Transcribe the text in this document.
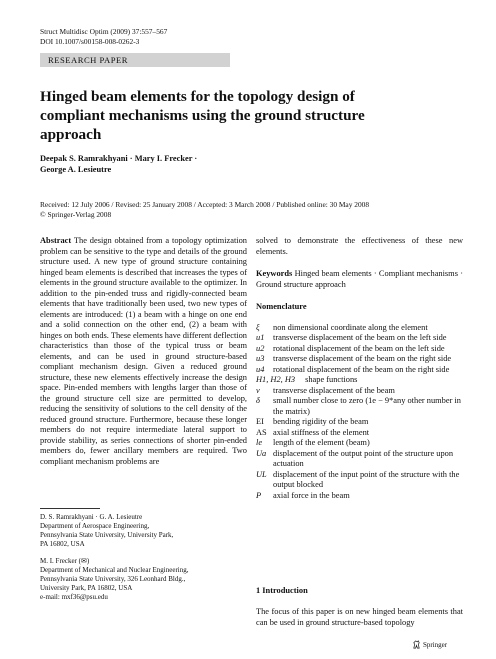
Struct Multidisc Optim (2009) 37:557–567
DOI 10.1007/s00158-008-0262-3
RESEARCH PAPER
Hinged beam elements for the topology design of compliant mechanisms using the ground structure approach
Deepak S. Ramrakhyani · Mary I. Frecker ·
George A. Lesieutre
Received: 12 July 2006 / Revised: 25 January 2008 / Accepted: 3 March 2008 / Published online: 30 May 2008
© Springer-Verlag 2008
Abstract The design obtained from a topology optimization problem can be sensitive to the type and details of the ground structure used. A new type of ground structure containing hinged beam elements is described that increases the types of elements in the ground structure available to the optimizer. In addition to the pin-ended truss and rigidly-connected beam elements that have traditionally been used, two new types of elements are introduced: (1) a beam with a hinge on one end and a solid connection on the other end, (2) a beam with hinges on both ends. These elements have different deflection characteristics than those of the typical truss or beam elements, and can be used in ground structure-based compliant mechanism design. Given a reduced ground structure, these new elements effectively increase the design space. Pin-ended members with lengths larger than those of the ground structure cell size are permitted to develop, reducing the sensitivity of solutions to the cell density of the reduced ground structure. Furthermore, because these longer members do not require intermediate lateral support to provide stability, as series connections of shorter pin-ended members do, fewer ancillary members are required. Two compliant mechanism problems are
D. S. Ramrakhyani · G. A. Lesieutre
Department of Aerospace Engineering,
Pennsylvania State University, University Park,
PA 16802, USA
M. I. Frecker (✉)
Department of Mechanical and Nuclear Engineering,
Pennsylvania State University, 326 Leonhard Bldg.,
University Park, PA 16802, USA
e-mail: mxf36@psu.edu

solved to demonstrate the effectiveness of these new elements.

Keywords Hinged beam elements · Compliant mechanisms · Ground structure approach

Nomenclature

ξ	non dimensional coordinate along the element
u1	transverse displacement of the beam on the left side
u2	rotational displacement of the beam on the left side
u3	transverse displacement of the beam on the right side
u4	rotational displacement of the beam on the right side
H1, H2, H3 shape functions
ν	transverse displacement of the beam
δ	small number close to zero (1e − 9*any other number in the matrix)
EI	bending rigidity of the beam
AS axial stiffness of the element
le	length of the element (beam)
Ua displacement of the output point of the structure upon actuation
UL displacement of the input point of the structure with the output blocked
P	axial force in the beam
1 Introduction
The focus of this paper is on new hinged beam elements that can be used in ground structure-based topology
Springer
